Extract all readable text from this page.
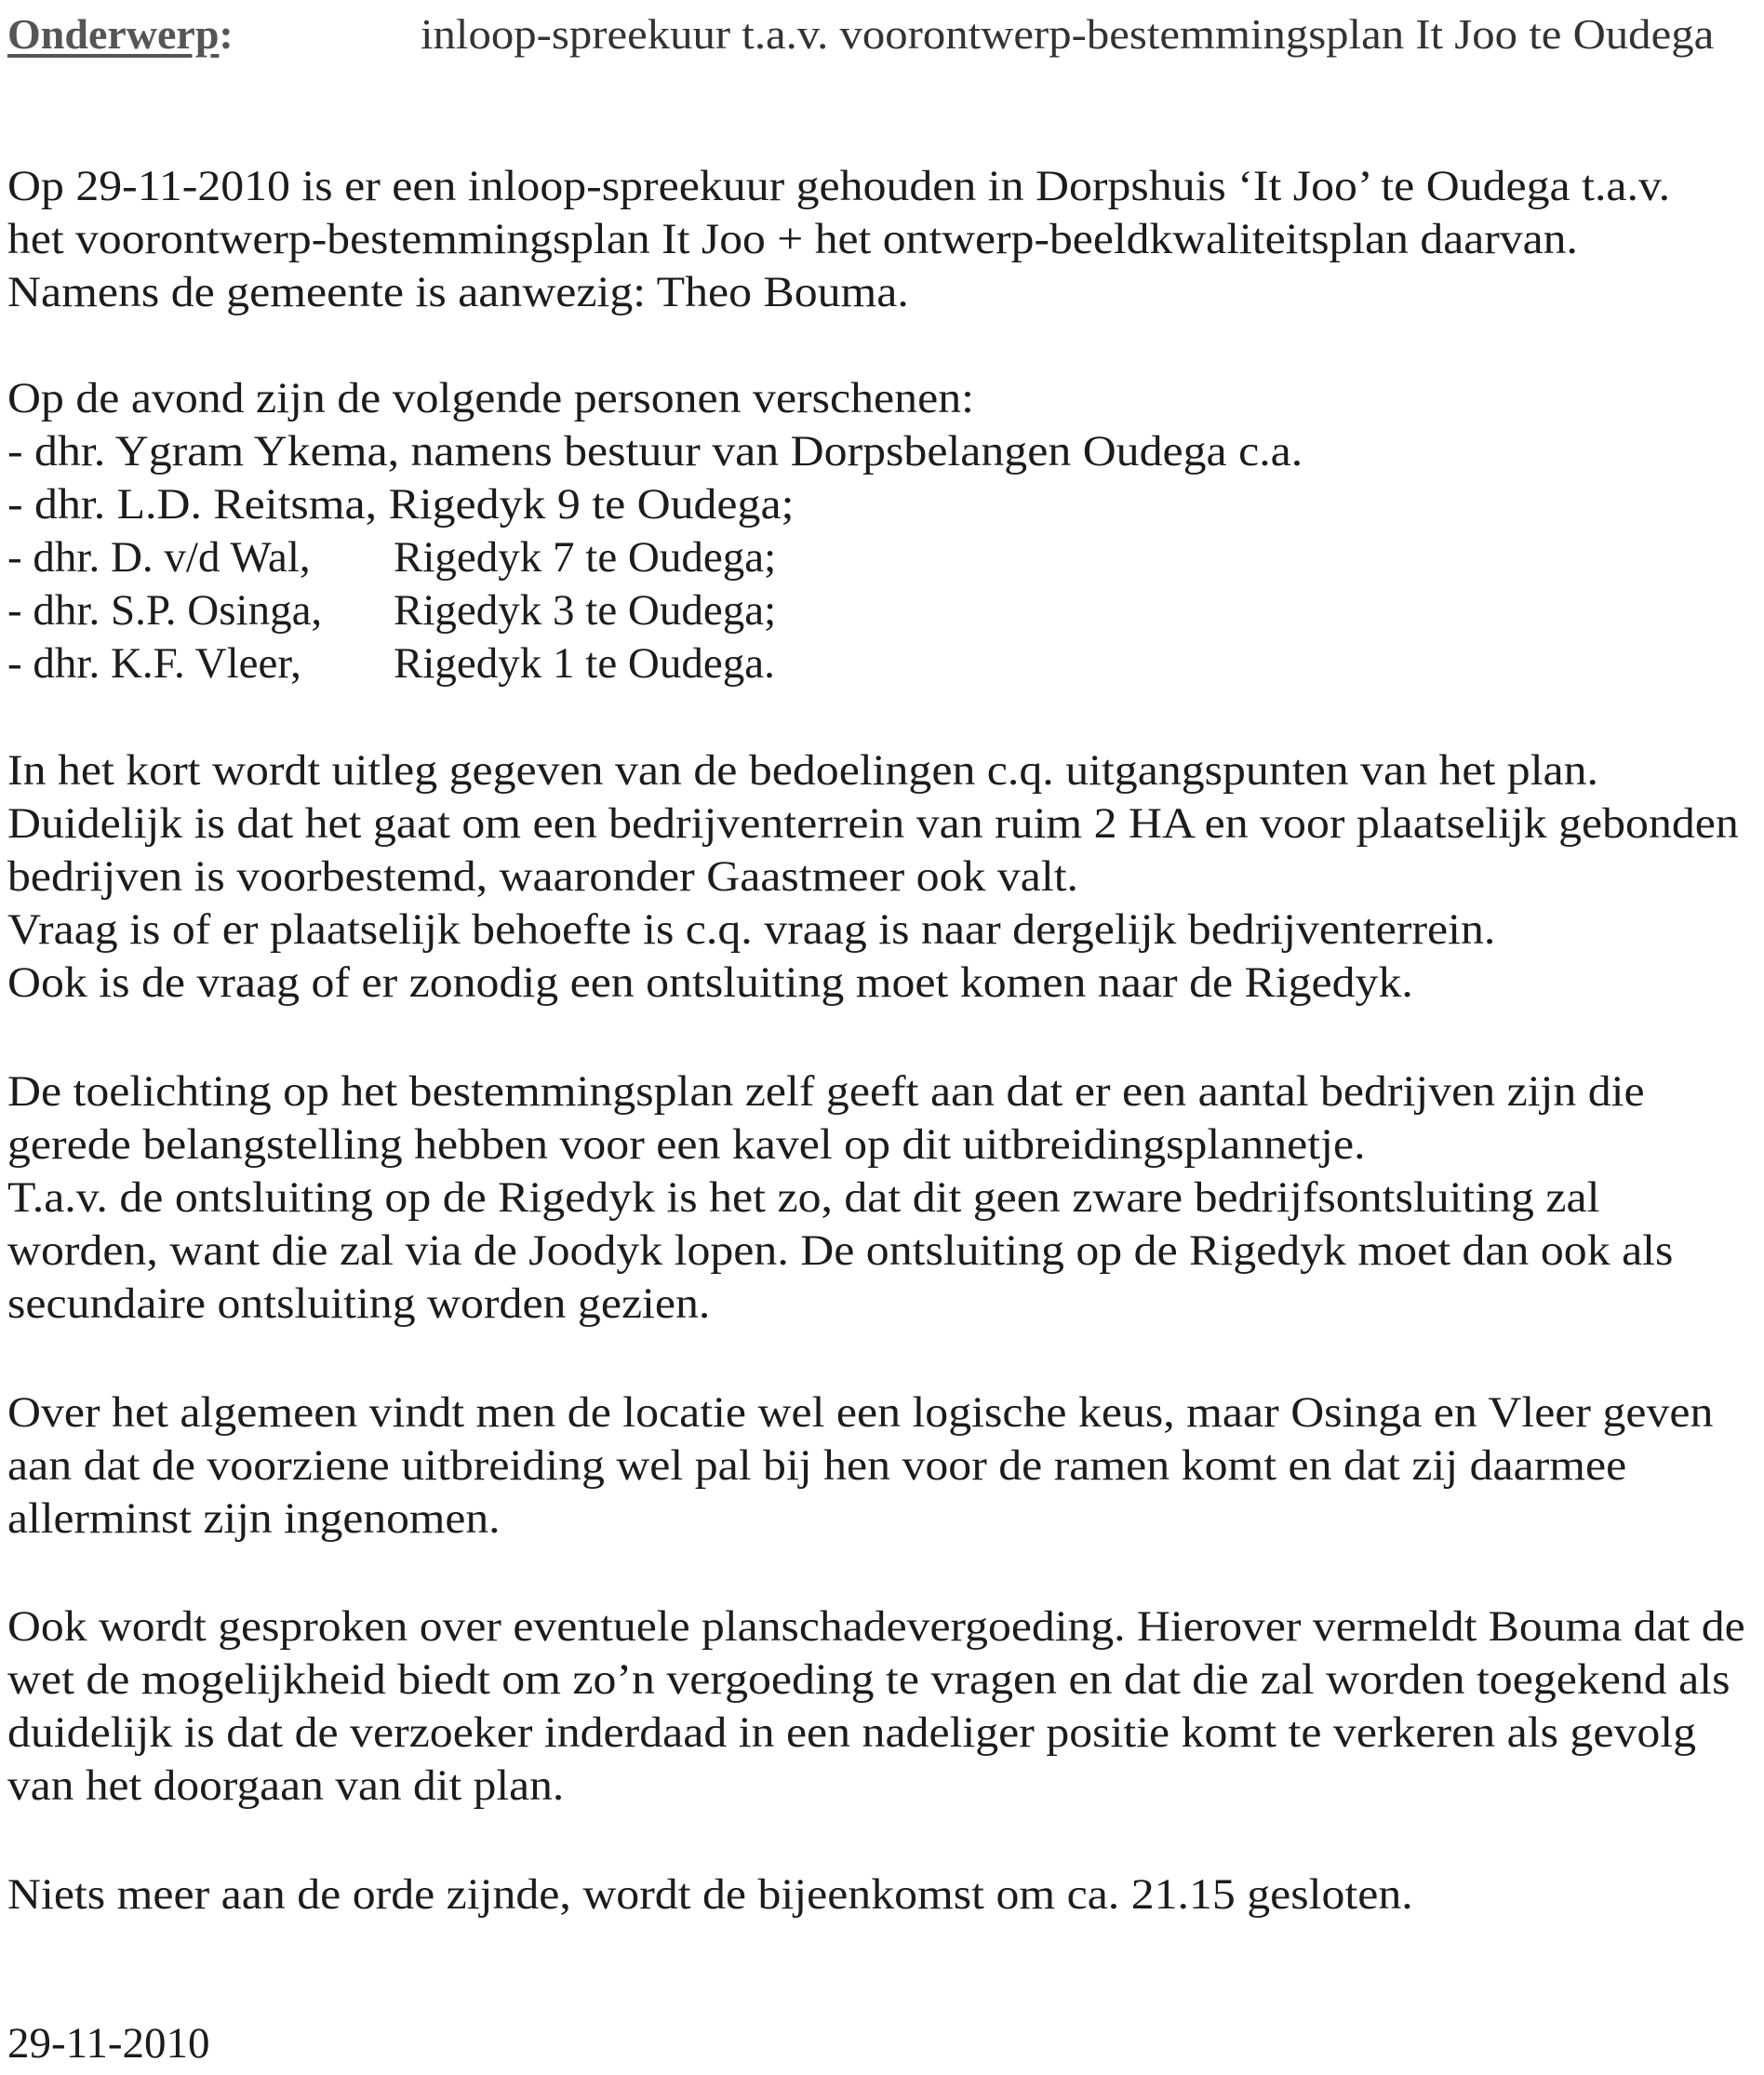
Onderwerp:	inloop-spreekuur t.a.v. voorontwerp-bestemmingsplan It Joo te Oudega
Op 29-11-2010 is er een inloop-spreekuur gehouden in Dorpshuis ‘It Joo’ te Oudega t.a.v.
het voorontwerp-bestemmingsplan It Joo + het ontwerp-beeldkwaliteitsplan daarvan.
Namens de gemeente is aanwezig: Theo Bouma.
Op de avond zijn de volgende personen verschenen:
- dhr. Ygram Ykema, namens bestuur van Dorpsbelangen Oudega c.a.
- dhr. L.D. Reitsma, Rigedyk 9 te Oudega;
- dhr. D. v/d Wal, Rigedyk 7 te Oudega;
- dhr. S.P. Osinga, Rigedyk 3 te Oudega;
- dhr. K.F. Vleer, Rigedyk 1 te Oudega.
In het kort wordt uitleg gegeven van de bedoelingen c.q. uitgangspunten van het plan.
Duidelijk is dat het gaat om een bedrijventerrein van ruim 2 HA en voor plaatselijk gebonden
bedrijven is voorbestemd, waaronder Gaastmeer ook valt.
Vraag is of er plaatselijk behoefte is c.q. vraag is naar dergelijk bedrijventerrein.
Ook is de vraag of er zonodig een ontsluiting moet komen naar de Rigedyk.
De toelichting op het bestemmingsplan zelf geeft aan dat er een aantal bedrijven zijn die
gerede belangstelling hebben voor een kavel op dit uitbreidingsplannetje.
T.a.v. de ontsluiting op de Rigedyk is het zo, dat dit geen zware bedrijfsontsluiting zal
worden, want die zal via de Joodyk lopen. De ontsluiting op de Rigedyk moet dan ook als
secundaire ontsluiting worden gezien.
Over het algemeen vindt men de locatie wel een logische keus, maar Osinga en Vleer geven
aan dat de voorziene uitbreiding wel pal bij hen voor de ramen komt en dat zij daarmee
allerminst zijn ingenomen.
Ook wordt gesproken over eventuele planschadevergoeding. Hierover vermeldt Bouma dat de
wet de mogelijkheid biedt om zo’n vergoeding te vragen en dat die zal worden toegekend als
duidelijk is dat de verzoeker inderdaad in een nadeliger positie komt te verkeren als gevolg
van het doorgaan van dit plan.
Niets meer aan de orde zijnde, wordt de bijeenkomst om ca. 21.15 gesloten.
29-11-2010
